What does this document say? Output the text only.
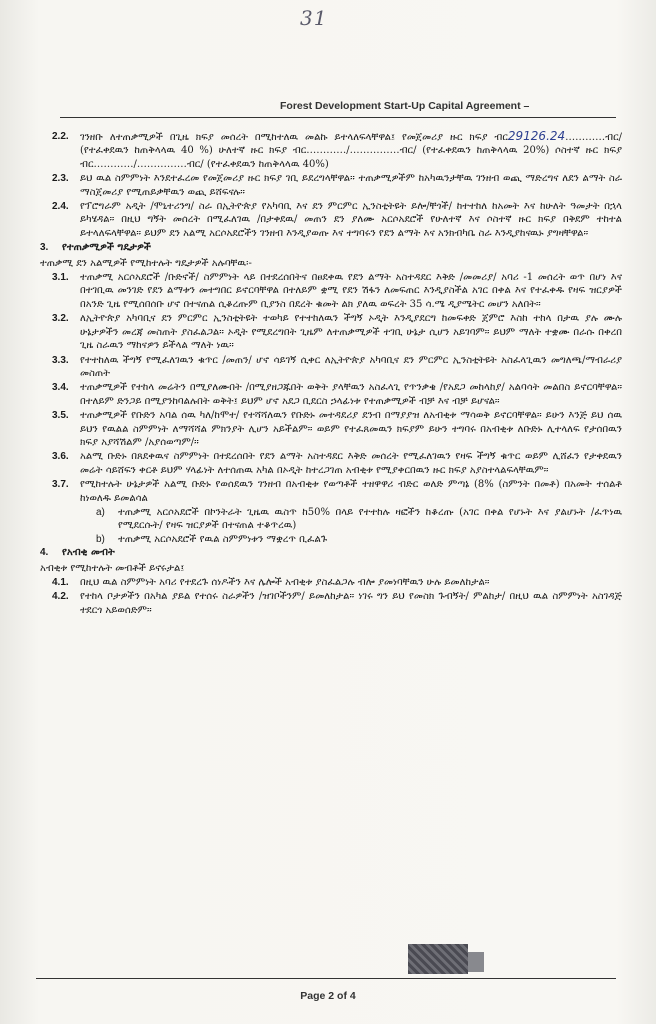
31
Forest Development Start-Up Capital Agreement –
2.2. ገንዘቡ ለተጠቃሚዎች በጊዜ ክፍያ መሰረት በሚከተለዉ መልኩ ይተላለፍላቸዋል፤ የመጀመሪያ ዙር ክፍያ ብር29126.24…………ብር/ (የተፈቀደዉን ከጠቅላላዉ 40 %) ሁለተኛ ዙር ክፍያ ብር…………/……………ብር/ (የተፈቀደዉን ከጠቅላላዉ 20%) ሶስተኛ ዙር ክፍያ ብር…………/……………ብር/ (የተፈቀደዉን ከጠቅላላዉ 40%)
2.3. ይህ ዉል ስምምነት እንደተፈረመ የመጀመሪያ ዙር ክፍያ ገቢ ይደረግላቸዋል። ተጠቃሚዎችም ከአካዉንታቸዉ ገንዘብ ወጪ ማድረግና ለደን ልማት ስራ ማስጀመሪያ የሚጠይቃቸዉን ወጪ ይሸፍናሉ።
2.4. የፕሮግራም አዲት /ሞኒተሪንግ/ ስራ በኢትዮጵያ የአካባቢ እና ደን ምርምር ኢንስቲትዩት ይሎ/ቸጎች/ ከተተከለ ከአመት እና ከሁለት ዓመታት በኋላ ይካሄዳል። በዚህ ግኝት መሰረት በሚፈለገዉ /በታቀደዉ/ መጠን ደን ያለሙ አርሶአደሮች የሁለተኛ እና ሶስተኛ ዙር ክፍያ በቅደም ተከተል ይተላለፍላቸዋል። ይህም ደን አልሚ አርሶአደሮችን ገንዘብ እንዲያወጡ እና ተግባሩን የደን ልማት እና አንክብካቤ ስራ እንዲያከናዉኑ ያግዛቸዋል።
3. የተጠቃሚዎች ግዴታዎች
ተጠቃሚ ደን አልሚዎች የሚከተሉት ግዴታዎች አሉባቸዉ፡-
3.1. ተጠቃሚ አርሶአደሮች /ቡድኖች/ ስምምነት ላይ በተደረሰበትና በፀደቀዉ የደን ልማት አስተዳደር እቅድ /መመሪያ/ አባሪ -1 መሰረት ወጥ በሆነ እና በተገቢዉ መንገድ የደን ልማቱን መተግበር ይኖርባቸዋል በተለይም ቋሚ የደን ሽፋን ለመፍጠር እንዲያስችል አገር በቀል እና የተፈቀዱ የዛፍ ዝርያዎች በአንድ ጊዜ የሚሰበሰቡ ሆኖ በተናጠል ሲቆረጡም ቢያንስ በደረት ቁመት ልክ ያለዉ ወፍረት 35 ሳ.ሜ ዲያሜትር መሆን አለበት።
3.2. ለኢትዮጵያ አካባቢና ደን ምርምር ኢንስቲትዩት ተወካይ የተተከለዉን ችግኝ ኦዲት እንዲያደርግ ከመፍቀድ ጀምሮ እስከ ተከላ በታዉ ያሉ ሙሉ ሁኔታዎችን መረጃ መስጠት ያስፈልጋል። ኦዲት የሚደረግበት ጊዜም ለተጠቃሚዎች ተገቢ ሁኔታ ሲሆን አይገባም። ይህም ማለት ተቋሙ በራሱ በቀረበ ጊዜ ስራዉን ማከናዎን ይችላል ማለት ነዉ።
3.3. የተተከለዉ ችግኝ የሚፈለገዉን ቁጥር /መጠን/ ሆኖ ሳይገኝ ሲቀር ለኢትዮጵያ አካባቢና ደን ምርምር ኢንስቲትዩት አስፈላጊዉን መግለጫ/ማብራሪያ መስጠት
3.4. ተጠቃሚዎች የተከላ መሬትን በሚያለሙበት /በሚያዘጋጁበት ወቅት ያላቸዉን አስፈላጊ የጥንቃቄ /የአደጋ መከላከያ/ አልባሳት መልበስ ይኖርባቸዋል። በተለይም ድንጋይ በሚያንከባልሉበት ወቅት፤ ይህም ሆኖ አደጋ ቢደርስ ኃላፊነቱ የተጠቃሚዎች ብቻ እና ብቻ ይሆናል።
3.5. ተጠቃሚዎች የቡድን አባል ሰዉ ካለ/ከሞተ/ የተሻሻለዉን የቡድኑ መተዳደሪያ ደንብ በማያያዝ ለአብቂቱ ማሳወቅ ይኖርባቸዋል። ይሁን እንጅ ይህ ሰዉ ይህን የዉልል ስምምነት ለማሻሻል ምክንያት ሊሆን አይችልም። ወይም የተፈጸመዉን ክፍያም ይሁን ተግባሩ በአብቂቱ ለቡድኑ ሊተላለፍ የታሰበዉን ክፍያ አያሻሽልም /አያሰወጣም/።
3.6. አልሚ ቡድኑ በጸደቀዉና ስምምነት በተደረሰበት የደን ልማት አስተዳደር እቅድ መሰረት የሚፈለገዉን የዛፍ ችግኝ ቁጥር ወይም ሊሸፈን የታቀደዉን መሬት ሳይሸፍን ቀርቶ ይህም ሃላፊነት ለተሰጠዉ አካል በኦዲት ከተረጋገጠ አብቂቱ የሚያቀርበዉን ዙር ክፍያ አያስተላልፍላቸዉም።
3.7. የሚከተሉት ሁኔታዎች አልሚ ቡድኑ የወሰደዉን ገንዘብ በአብቂቱ የወጣቶች ተዘዋዋሪ ብድር ወለድ ምጣኔ (8% (ስምንት በመቶ) በአመት ተሰልቶ ከነወለዱ ይመልሳል
a) ተጠቃሚ አርሶአደሮች በኮንትራት ጊዜዉ ዉስጥ ከ50% በላይ የተተከሉ ዛፎችን ከቆረጡ (አገር በቀል የሆኑት እና ያልሆኑት /ፈጥነዉ የሚደርሱት/ የዛፍ ዝርያዎች በተናጠል ተቆጥረዉ)
b) ተጠቃሚ አርሶአደሮች የዉል ስምምነቱን ማቋረጥ ቢፈልጉ
4. የአብቂ መብት
አብቂቱ የሚከተሉት መብቶች ይኖሩታል፤
4.1. በዚህ ዉል ስምምነት አባሪ የተደረጉ ሰነዶችን እና ሌሎች አብቂቱ ያስፈልጋሉ ብሎ ያመነባቸዉን ሁሉ ይመለከታል።
4.2. የተከላ ቦታዎችን በአካል ያይል የተሰሩ ስራዎችን /ዝገቦችንም/ ይመለከታል። ነገሩ ግን ይህ የመስክ ጉብኝት/ ምልከታ/ በዚህ ዉል ስምምነት አስገዳጅ ተደርጎ አይወሰድም።
Page 2 of 4
